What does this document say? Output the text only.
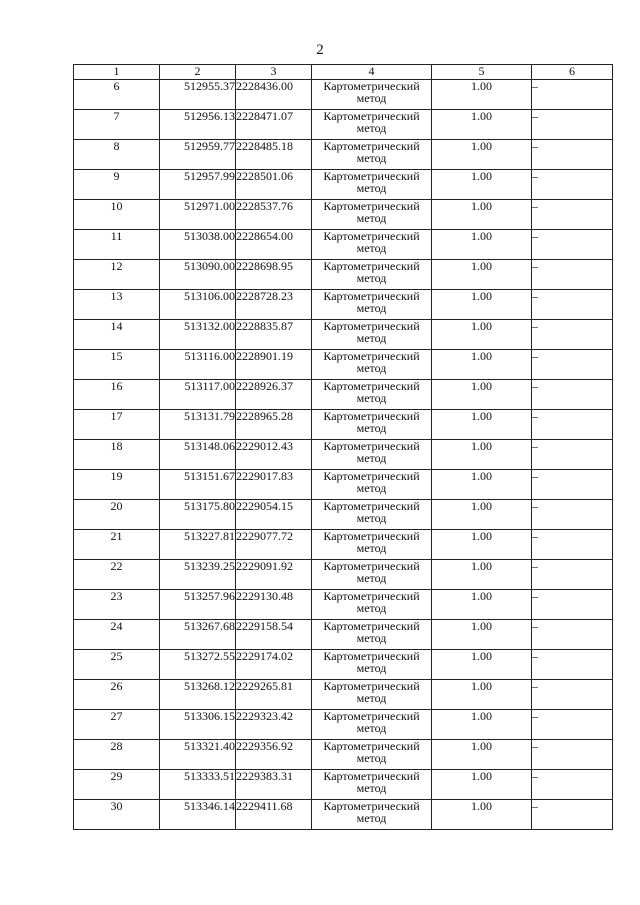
2
1	2	3	4	5	6
6	512955.37	2228436.00	Картометрический метод	1.00	–
7	512956.13	2228471.07	Картометрический метод	1.00	–
8	512959.77	2228485.18	Картометрический метод	1.00	–
9	512957.99	2228501.06	Картометрический метод	1.00	–
10	512971.00	2228537.76	Картометрический метод	1.00	–
11	513038.00	2228654.00	Картометрический метод	1.00	–
12	513090.00	2228698.95	Картометрический метод	1.00	–
13	513106.00	2228728.23	Картометрический метод	1.00	–
14	513132.00	2228835.87	Картометрический метод	1.00	–
15	513116.00	2228901.19	Картометрический метод	1.00	–
16	513117.00	2228926.37	Картометрический метод	1.00	–
17	513131.79	2228965.28	Картометрический метод	1.00	–
18	513148.06	2229012.43	Картометрический метод	1.00	–
19	513151.67	2229017.83	Картометрический метод	1.00	–
20	513175.80	2229054.15	Картометрический метод	1.00	–
21	513227.81	2229077.72	Картометрический метод	1.00	–
22	513239.25	2229091.92	Картометрический метод	1.00	–
23	513257.96	2229130.48	Картометрический метод	1.00	–
24	513267.68	2229158.54	Картометрический метод	1.00	–
25	513272.55	2229174.02	Картометрический метод	1.00	–
26	513268.12	2229265.81	Картометрический метод	1.00	–
27	513306.15	2229323.42	Картометрический метод	1.00	–
28	513321.40	2229356.92	Картометрический метод	1.00	–
29	513333.51	2229383.31	Картометрический метод	1.00	–
30	513346.14	2229411.68	Картометрический метод	1.00	–
